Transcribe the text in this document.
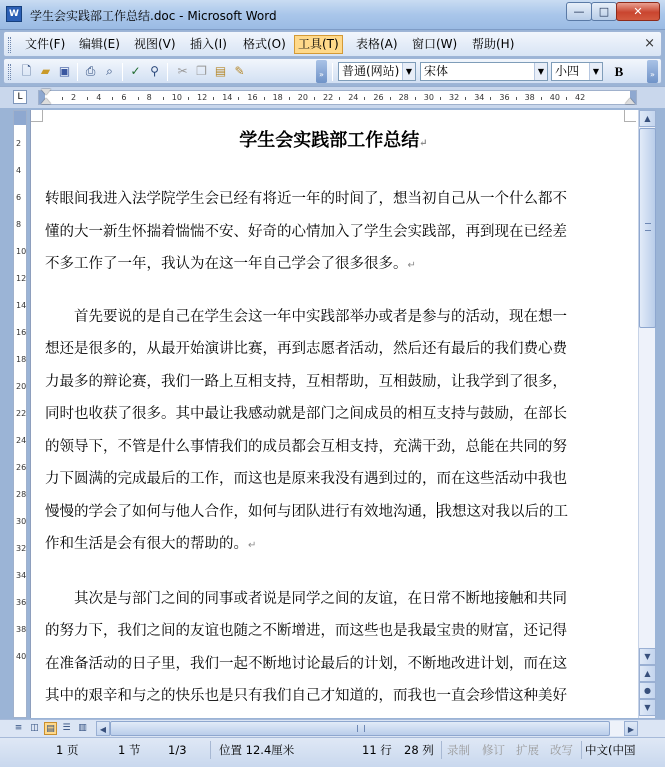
W 学生会实践部工作总结.doc - Microsoft Word	—	□	✕
文件(F) 编辑(E) 视图(V) 插入(I) 格式(O)	工具(T)	表格(A) 窗口(W) 帮助(H)	×
🗋 ▰ ▣	⎙ ⌕	✓ ⚲	✂ ❐ ▤ ✎	»	普通(网站) ▼ 宋体	▼ 小四	▼	B	»
L	2	4	6	8	10 12 14 16 18 20 22 24 26 28 30 32 34 36 38 40 42
2
4
6
8
10
12
14
16
18
20
22
24
26
28
30
32
34
36
38
40
学生会实践部工作总结↵
转眼间我进入法学院学生会已经有将近一年的时间了，想当初自己从一个什么都不
懂的大一新生怀揣着惴惴不安、好奇的心情加入了学生会实践部，再到现在已经差
不多工作了一年，我认为在这一年自己学会了很多很多。↵
　　首先要说的是自己在学生会这一年中实践部举办或者是参与的活动，现在想一
想还是很多的，从最开始演讲比赛，再到志愿者活动，然后还有最后的我们费心费
力最多的辩论赛，我们一路上互相支持，互相帮助，互相鼓励，让我学到了很多，
同时也收获了很多。其中最让我感动就是部门之间成员的相互支持与鼓励，在部长
的领导下，不管是什么事情我们的成员都会互相支持，充满干劲，总能在共同的努
力下圆满的完成最后的工作，而这也是原来我没有遇到过的，而在这些活动中我也
慢慢的学会了如何与他人合作，如何与团队进行有效地沟通，我想这对我以后的工
作和生活是会有很大的帮助的。↵
　　其次是与部门之间的同事或者说是同学之间的友谊，在日常不断地接触和共同
的努力下，我们之间的友谊也随之不断增进，而这些也是我最宝贵的财富，还记得
在准备活动的日子里，我们一起不断地讨论最后的计划，不断地改进计划，而在这
其中的艰辛和与之的快乐也是只有我们自己才知道的，而我也一直会珍惜这种美好
▲
▼
▲
●
▼
≡ ◫ ▤ ☰ ▥	◀	▶
1 页	1 节 1/3	位置 12.4厘米	11 行 28 列 录制 修订 扩展 改写 中文(中国
